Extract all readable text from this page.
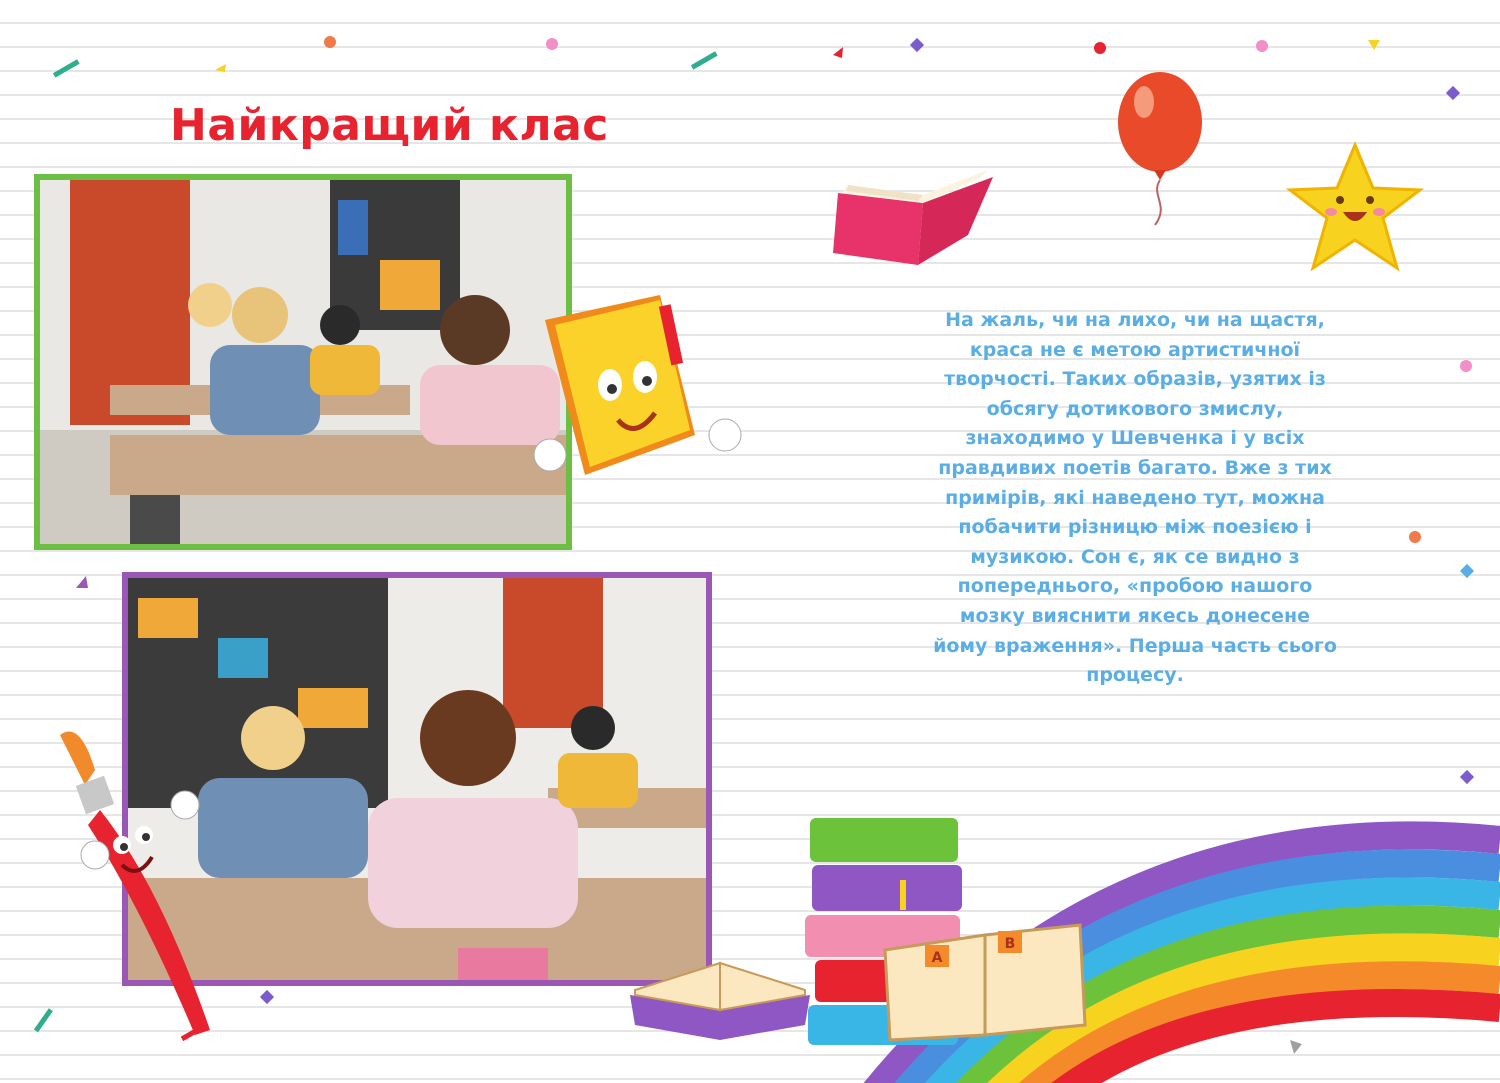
Найкращий клас
На жаль, чи на лихо, чи на щастя, краса не є метою артистичної творчості. Таких образів, узятих із обсягу дотикового змислу, знаходимо у Шевченка і у всіх правдивих поетів багато. Вже з тих примірів, які наведено тут, можна побачити різницю між поезією і музикою. Сон є, як се видно з попереднього, «пробою нашого мозку вияснити якесь донесене йому враження». Перша часть сього процесу.
A
B
